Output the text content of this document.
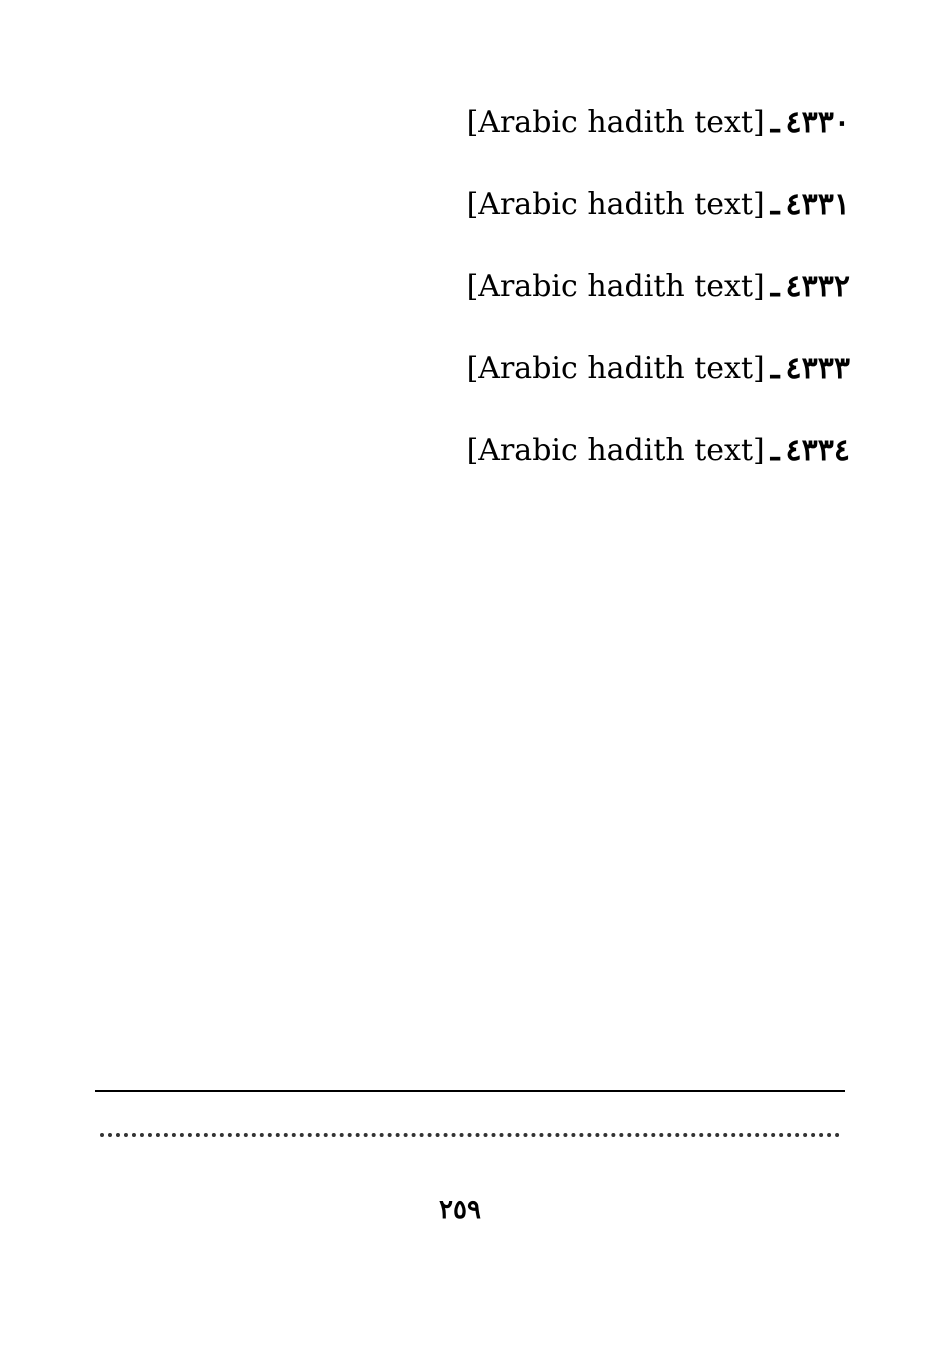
٤٣٣٠ـ[Arabic hadith text]

٤٣٣١ـ[Arabic hadith text]

٤٣٣٢ـ[Arabic hadith text]

٤٣٣٣ـ[Arabic hadith text]

٤٣٣٤ـ[Arabic hadith text]

٢٥٩
